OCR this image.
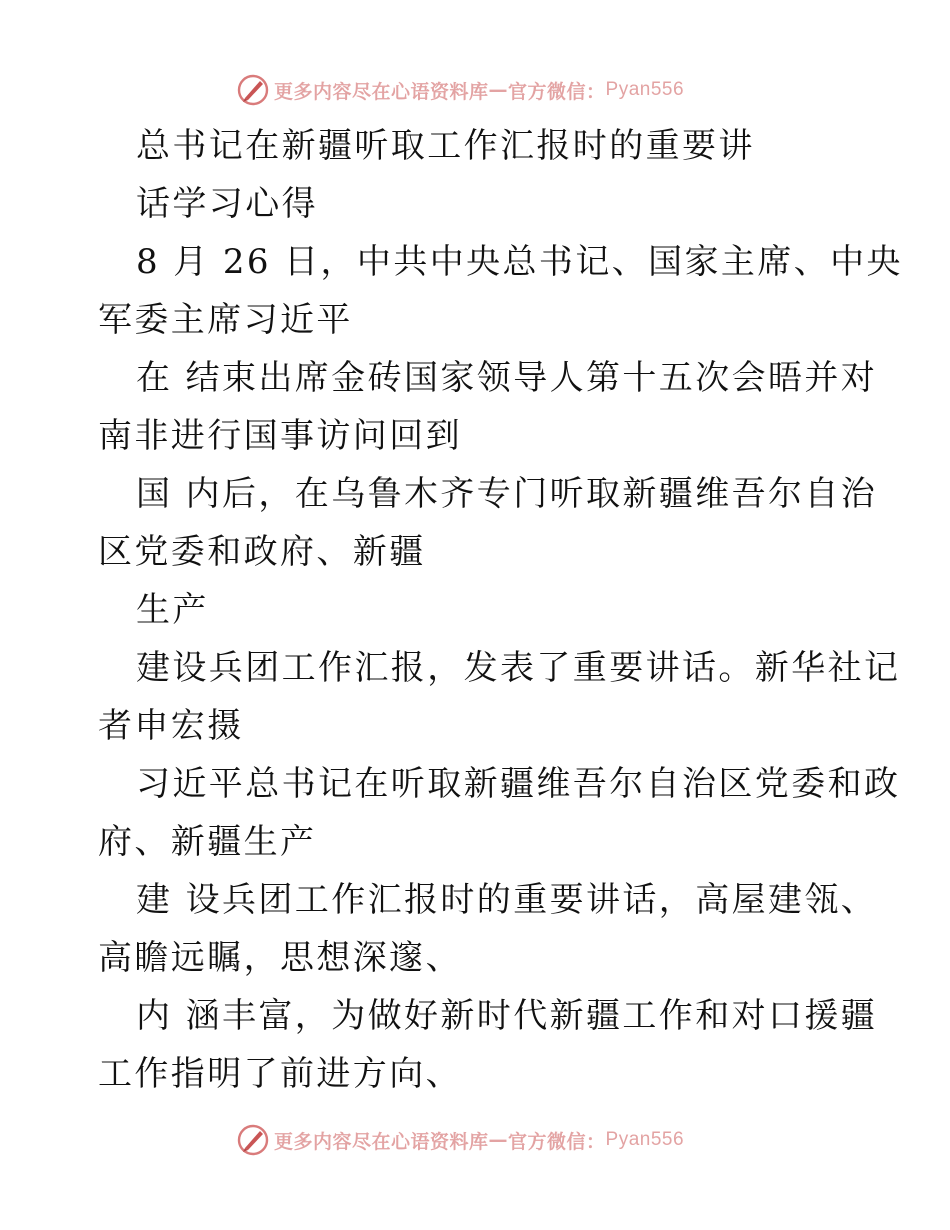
更多内容尽在心语资料库 — 官方微信： Pyan556
总书记在新疆听取工作汇报时的重要讲
话学习心得
8 月 26 日，中共中央总书记、国家主席、中央
军委主席习近平
在 结束出席金砖国家领导人第十五次会晤并对
南非进行国事访问回到
国 内后，在乌鲁木齐专门听取新疆维吾尔自治
区党委和政府、新疆
生产
建设兵团工作汇报，发表了重要讲话。新华社记
者申宏摄
习近平总书记在听取新疆维吾尔自治区党委和政
府、新疆生产
建 设兵团工作汇报时的重要讲话，高屋建瓴、
高瞻远瞩，思想深邃、
内 涵丰富，为做好新时代新疆工作和对口援疆
工作指明了前进方向、
更多内容尽在心语资料库 — 官方微信： Pyan556
